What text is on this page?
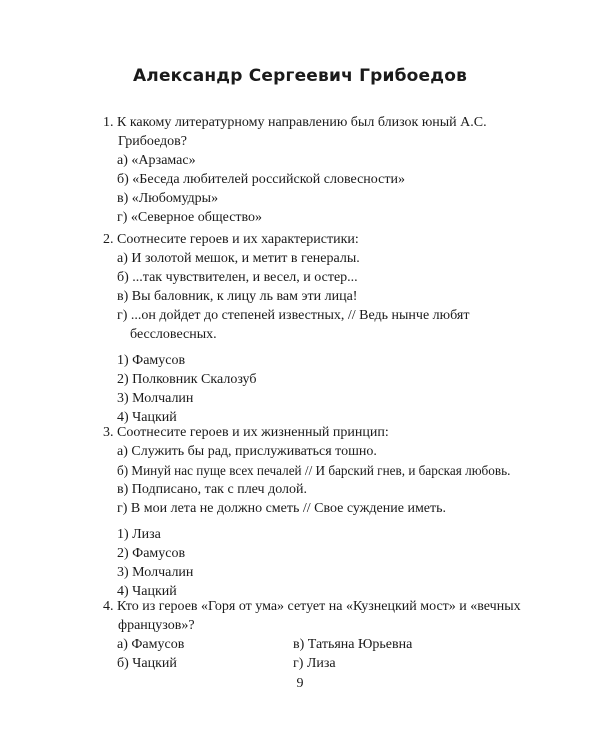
Александр Сергеевич Грибоедов
1. К какому литературному направлению был близок юный А.С. Грибоедов?
а) «Арзамас»
б) «Беседа любителей российской словесности»
в) «Любомудры»
г) «Северное общество»
2. Соотнесите героев и их характеристики:
а) И золотой мешок, и метит в генералы.
б) ...так чувствителен, и весел, и остер...
в) Вы баловник, к лицу ль вам эти лица!
г) ...он дойдет до степеней известных, // Ведь нынче любят бессловесных.
1) Фамусов
2) Полковник Скалозуб
3) Молчалин
4) Чацкий
3. Соотнесите героев и их жизненный принцип:
а) Служить бы рад, прислуживаться тошно.
б) Минуй нас пуще всех печалей // И барский гнев, и барская любовь.
в) Подписано, так с плеч долой.
г) В мои лета не должно сметь // Свое суждение иметь.
1) Лиза
2) Фамусов
3) Молчалин
4) Чацкий
4. Кто из героев «Горя от ума» сетует на «Кузнецкий мост» и «вечных французов»?
а) Фамусов	в) Татьяна Юрьевна
б) Чацкий	г) Лиза
9
